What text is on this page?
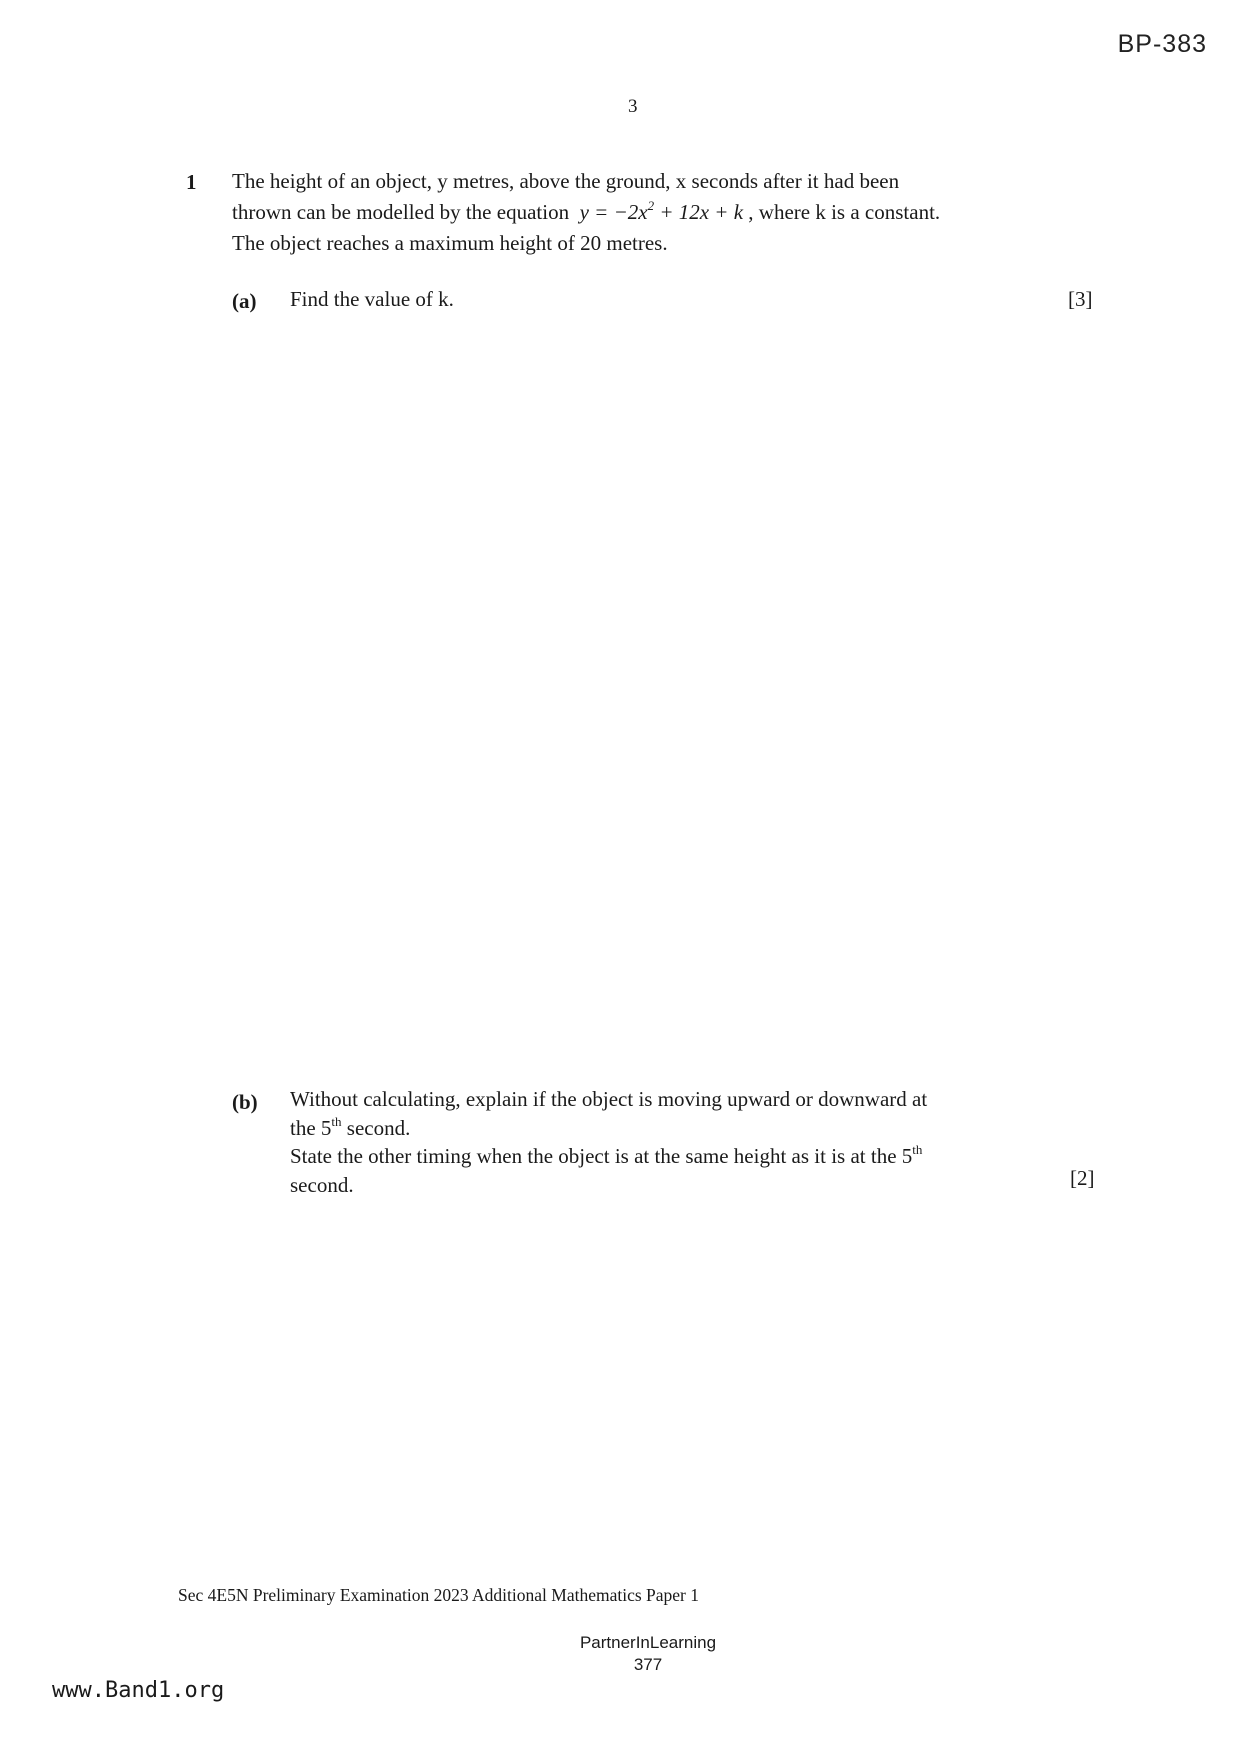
BP-383
3
1 The height of an object, y metres, above the ground, x seconds after it had been
thrown can be modelled by the equation $y = -2x^2 + 12x + k$ , where k is a constant.
The object reaches a maximum height of 20 metres.
(a) Find the value of k.	[3]
(b) Without calculating, explain if the object is moving upward or downward at
the 5th second.
State the other timing when the object is at the same height as it is at the 5th
second.	[2]
Sec 4E5N Preliminary Examination 2023 Additional Mathematics Paper 1
PartnerInLearning
377
www.Band1.org
